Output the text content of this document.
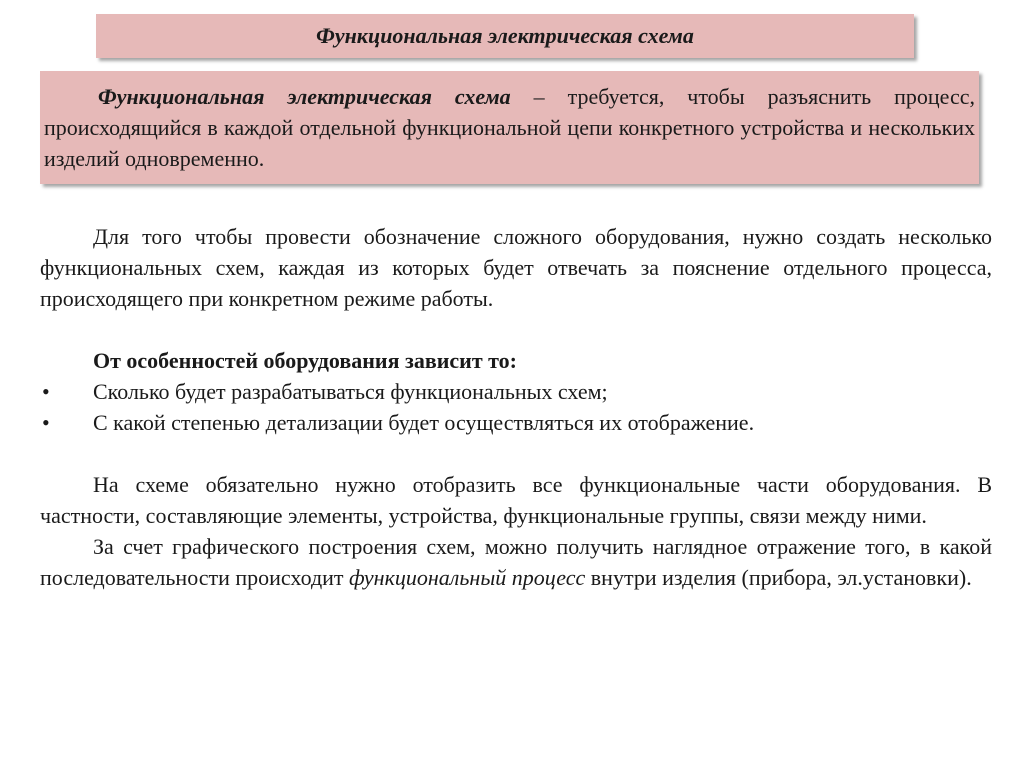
Функциональная электрическая схема

Функциональная электрическая схема – требуется, чтобы разъяснить процесс, происходящийся в каждой отдельной функциональной цепи конкретного устройства и нескольких изделий одновременно.

Для того чтобы провести обозначение сложного оборудования, нужно создать несколько функциональных схем, каждая из которых будет отвечать за пояснение отдельного процесса, происходящего при конкретном режиме работы.

От особенностей оборудования зависит то:

•	Сколько будет разрабатываться функциональных схем;

•	С какой степенью детализации будет осуществляться их отображение.

На схеме обязательно нужно отобразить все функциональные части оборудования. В частности, составляющие элементы, устройства, функциональные группы, связи между ними.

За счет графического построения схем, можно получить наглядное отражение того, в какой последовательности происходит функциональный процесс внутри изделия (прибора, эл.установки).
